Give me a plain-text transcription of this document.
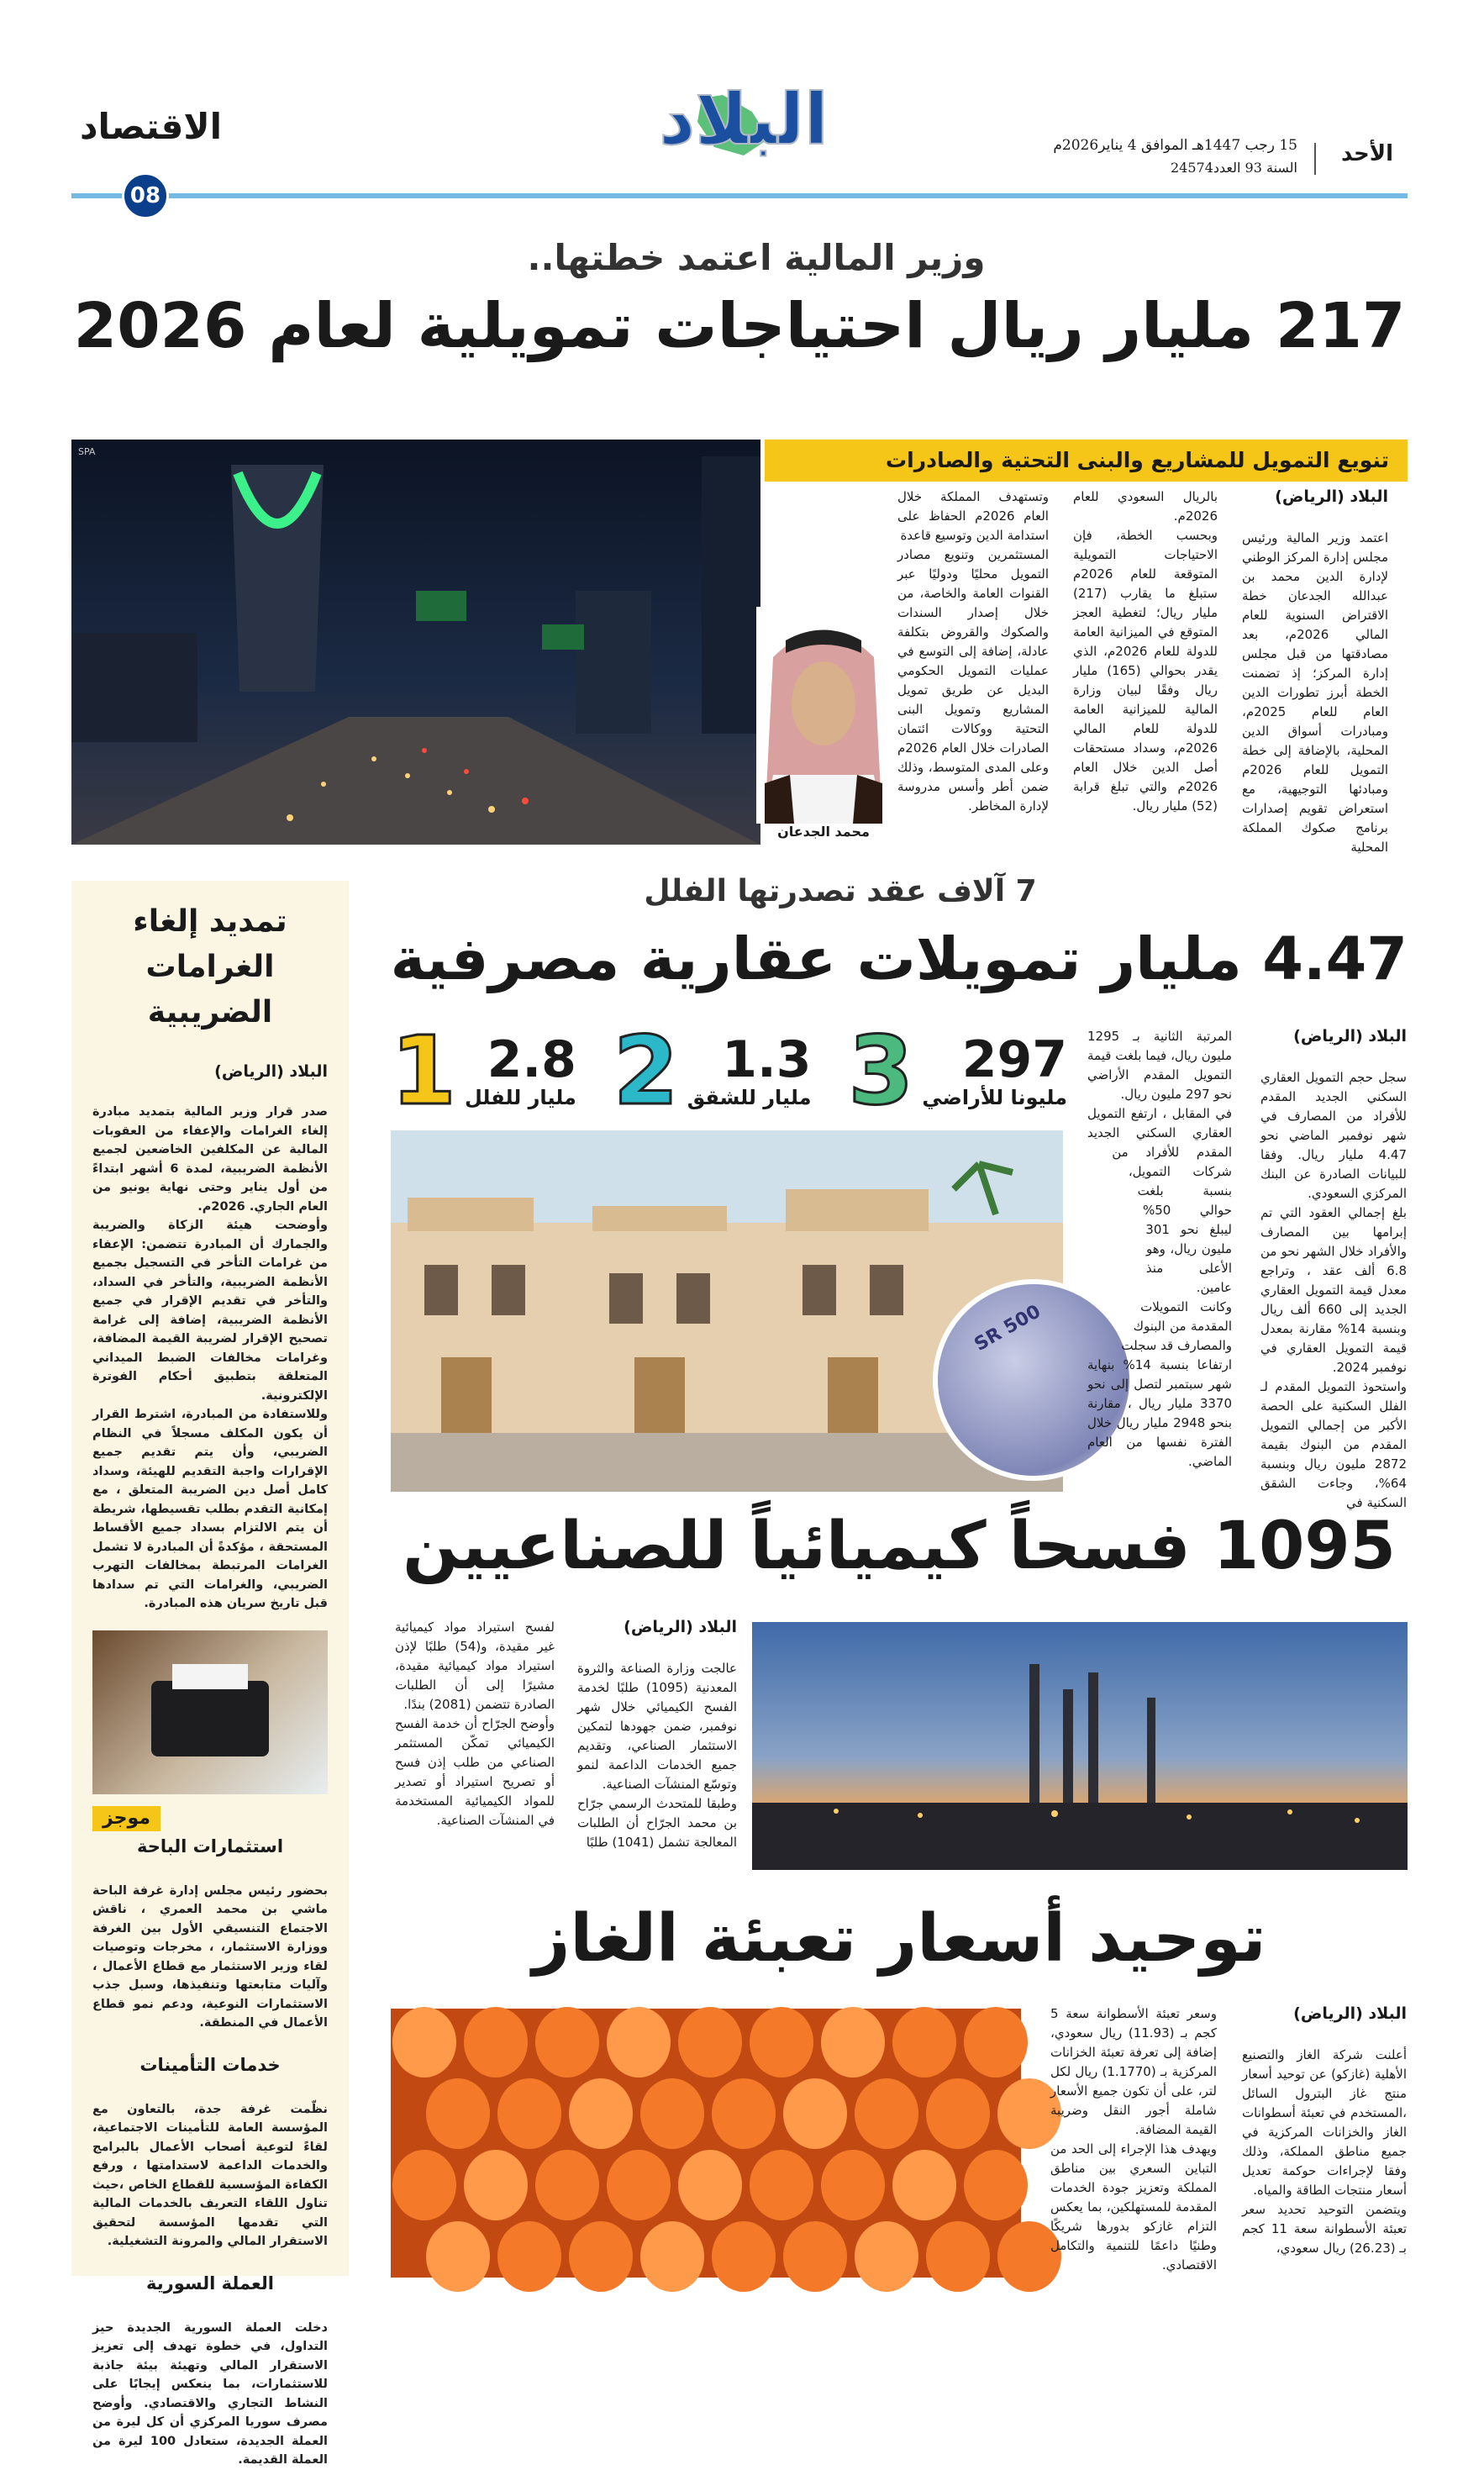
الأحد
15 رجب 1447هـ الموافق 4 يناير2026م
السنة 93 العدد24574
البلاد
الاقتصاد
08
وزير المالية اعتمد خطتها..
217 مليار ريال احتياجات تمويلية لعام 2026
SPA	تنويع التمويل للمشاريع والبنى التحتية والصادرات
محمد الجدعان
البلاد (الرياض)

اعتمد وزير المالية ورئيس مجلس إدارة المركز الوطني لإدارة الدين محمد بن عبدالله الجدعان خطة الاقتراض السنوية للعام المالي 2026م، بعد مصادقتها من قبل مجلس إدارة المركز؛ إذ تضمنت الخطة أبرز تطورات الدين العام للعام 2025م، ومبادرات أسواق الدين المحلية، بالإضافة إلى خطة التمويل للعام 2026م ومبادئها التوجيهية، مع استعراض تقويم إصدارات برنامج صكوك المملكة المحلية

بالريال السعودي للعام 2026م.

وبحسب الخطة، فإن الاحتياجات التمويلية المتوقعة للعام 2026م ستبلغ ما يقارب (217) مليار ريال؛ لتغطية العجز المتوقع في الميزانية العامة للدولة للعام 2026م، الذي يقدر بحوالي (165) مليار ريال وفقًا لبيان وزارة المالية للميزانية العامة للدولة للعام المالي 2026م، وسداد مستحقات أصل الدين خلال العام 2026م والتي تبلغ قرابة (52) مليار ريال.

وتستهدف المملكة خلال العام 2026م الحفاظ على استدامة الدين وتوسيع قاعدة

المستثمرين وتنويع مصادر التمويل محليًا ودوليًا عبر القنوات العامة والخاصة، من خلال إصدار السندات والصكوك والقروض بتكلفة عادلة، إضافة إلى التوسع في عمليات التمويل الحكومي البديل عن طريق تمويل المشاريع وتمويل البنى التحتية ووكالات ائتمان الصادرات خلال العام 2026م وعلى المدى المتوسط، وذلك ضمن أطر وأسس مدروسة لإدارة المخاطر.

تمديد إلغاء
الغرامات الضريبية
البلاد (الرياض)

صدر قرار وزير المالية بتمديد مبادرة إلغاء الغرامات والإعفاء من العقوبات المالية عن المكلفين الخاضعين لجميع الأنظمة الضريبية، لمدة 6 أشهر ابتداءً من أول يناير وحتى نهاية يونيو من العام الجاري. 2026م.

وأوضحت هيئة الزكاة والضريبة والجمارك أن المبادرة تتضمن: الإعفاء من غرامات التأخر في التسجيل بجميع الأنظمة الضريبية، والتأخر في السداد، والتأخر في تقديم الإقرار في جميع الأنظمة الضريبية، إضافة إلى غرامة تصحيح الإقرار لضريبة القيمة المضافة، وغرامات مخالفات الضبط الميداني المتعلقة بتطبيق أحكام الفوترة الإلكترونية.

وللاستفادة من المبادرة، اشترط القرار أن يكون المكلف مسجلاً في النظام الضريبي، وأن يتم تقديم جميع الإقرارات واجبة التقديم للهيئة، وسداد كامل أصل دين الضريبة المتعلق ، مع إمكانية التقدم بطلب تقسيطها، شريطة أن يتم الالتزام بسداد جميع الأقساط المستحقة ، مؤكدةً أن المبادرة لا تشمل الغرامات المرتبطة بمخالفات التهرب الضريبي، والغرامات التي تم سدادها قبل تاريخ سريان هذه المبادرة.

موجز
استثمارات الباحة

بحضور رئيس مجلس إدارة غرفة الباحة ماشي بن محمد العمري ، ناقش الاجتماع التنسيقي الأول بين الغرفة ووزارة الاستثمار، ، مخرجات وتوصيات لقاء وزير الاستثمار مع قطاع الأعمال ، وآليات متابعتها وتنفيذها، وسبل جذب الاستثمارات النوعية، ودعم نمو قطاع الأعمال في المنطقة.

خدمات التأمينات

نظّمت غرفة جدة، بالتعاون مع المؤسسة العامة للتأمينات الاجتماعية، لقاءً لتوعية أصحاب الأعمال بالبرامج والخدمات الداعمة لاستدامتها ، ورفع الكفاءة المؤسسية للقطاع الخاص ،حيث تناول اللقاء التعريف بالخدمات المالية التي تقدمها المؤسسة لتحقيق الاستقرار المالي والمرونة التشغيلية.

العملة السورية

دخلت العملة السورية الجديدة حيز التداول، في خطوة تهدف إلى تعزيز الاستقرار المالي وتهيئة بيئة جاذبة للاستثمارات، بما ينعكس إيجابًا على النشاط التجاري والاقتصادي. وأوضح مصرف سوريا المركزي أن كل ليرة من العملة الجديدة، ستعادل 100 ليرة من العملة القديمة.

7 آلاف عقد تصدرتها الفلل
4.47 مليار تمويلات عقارية مصرفية
297
مليونا للأراضي
3
1.3
مليار للشقق
2
2.8
مليار للفلل
1
SR 500
البلاد (الرياض)

سجل حجم التمويل العقاري السكني الجديد المقدم للأفراد من المصارف في شهر نوفمبر الماضي نحو 4.47 مليار ريال. وفقا للبيانات الصادرة عن البنك المركزي السعودي.

بلغ إجمالي العقود التي تم إبرامها بين المصارف والأفراد خلال الشهر نحو من 6.8 ألف عقد ، وتراجع معدل قيمة التمويل العقاري الجديد إلى 660 ألف ريال وبنسبة 14% مقارنة بمعدل قيمة التمويل العقاري في نوفمبر 2024.

واستحوذ التمويل المقدم لـ الفلل السكنية على الحصة الأكبر من إجمالي التمويل المقدم من البنوك بقيمة 2872 مليون ريال وبنسبة 64%، وجاءت الشقق السكنية في

المرتبة الثانية بـ 1295 مليون ريال، فيما بلغت قيمة التمويل المقدم الأراضي نحو 297 مليون ريال.

في المقابل ، ارتفع التمويل العقاري السكني الجديد المقدم للأفراد من شركات التمويل، بنسبة بلغت حوالي 50% ليبلغ نحو 301 مليون ريال، وهو الأعلى منذ عامين.

وكانت التمويلات المقدمة من البنوك والمصارف قد سجلت ارتفاعا بنسبة 14% بنهاية شهر سبتمبر لتصل إلى نحو 3370 مليار ريال ، مقارنة بنحو 2948 مليار ريال خلال الفترة نفسها من العام الماضي.

1095 فسحاً كيميائياً للصناعيين
البلاد (الرياض)

عالجت وزارة الصناعة والثروة المعدنية (1095) طلبًا لخدمة الفسح الكيميائي خلال شهر نوفمبر، ضمن جهودها لتمكين الاستثمار الصناعي، وتقديم جميع الخدمات الداعمة لنمو وتوسّع المنشآت الصناعية.

وطبقا للمتحدث الرسمي جرّاح بن محمد الجرّاح أن الطلبات المعالجة تشمل (1041) طلبًا

لفسح استيراد مواد كيميائية غير مقيدة، و(54) طلبًا لإذن استيراد مواد كيميائية مقيدة، مشيرًا إلى أن الطلبات الصادرة تتضمن (2081) بندًا.

وأوضح الجرّاح أن خدمة الفسح الكيميائي تمكّن المستثمر الصناعي من طلب إذن فسح أو تصريح استيراد أو تصدير للمواد الكيميائية المستخدمة في المنشآت الصناعية.

توحيد أسعار تعبئة الغاز
البلاد (الرياض)

أعلنت شركة الغاز والتصنيع الأهلية (غازكو) عن توحيد أسعار منتج غاز البترول السائل ،المستخدم في تعبئة أسطوانات الغاز والخزانات المركزية في جميع مناطق المملكة، وذلك وفقا لإجراءات حوكمة تعديل أسعار منتجات الطاقة والمياه.

ويتضمن التوحيد تحديد سعر تعبئة الأسطوانة سعة 11 كجم بـ (26.23) ريال سعودي،

وسعر تعبئة الأسطوانة سعة 5 كجم بـ (11.93) ريال سعودي، إضافة إلى تعرفة تعبئة الخزانات المركزية بـ (1.1770) ريال لكل لتر، على أن تكون جميع الأسعار شاملة أجور النقل وضريبة القيمة المضافة.

ويهدف هذا الإجراء إلى الحد من التباين السعري بين مناطق المملكة وتعزيز جودة الخدمات المقدمة للمستهلكين، بما يعكس التزام غازكو بدورها شريكًا وطنيًا داعمًا للتنمية والتكامل الاقتصادي.
